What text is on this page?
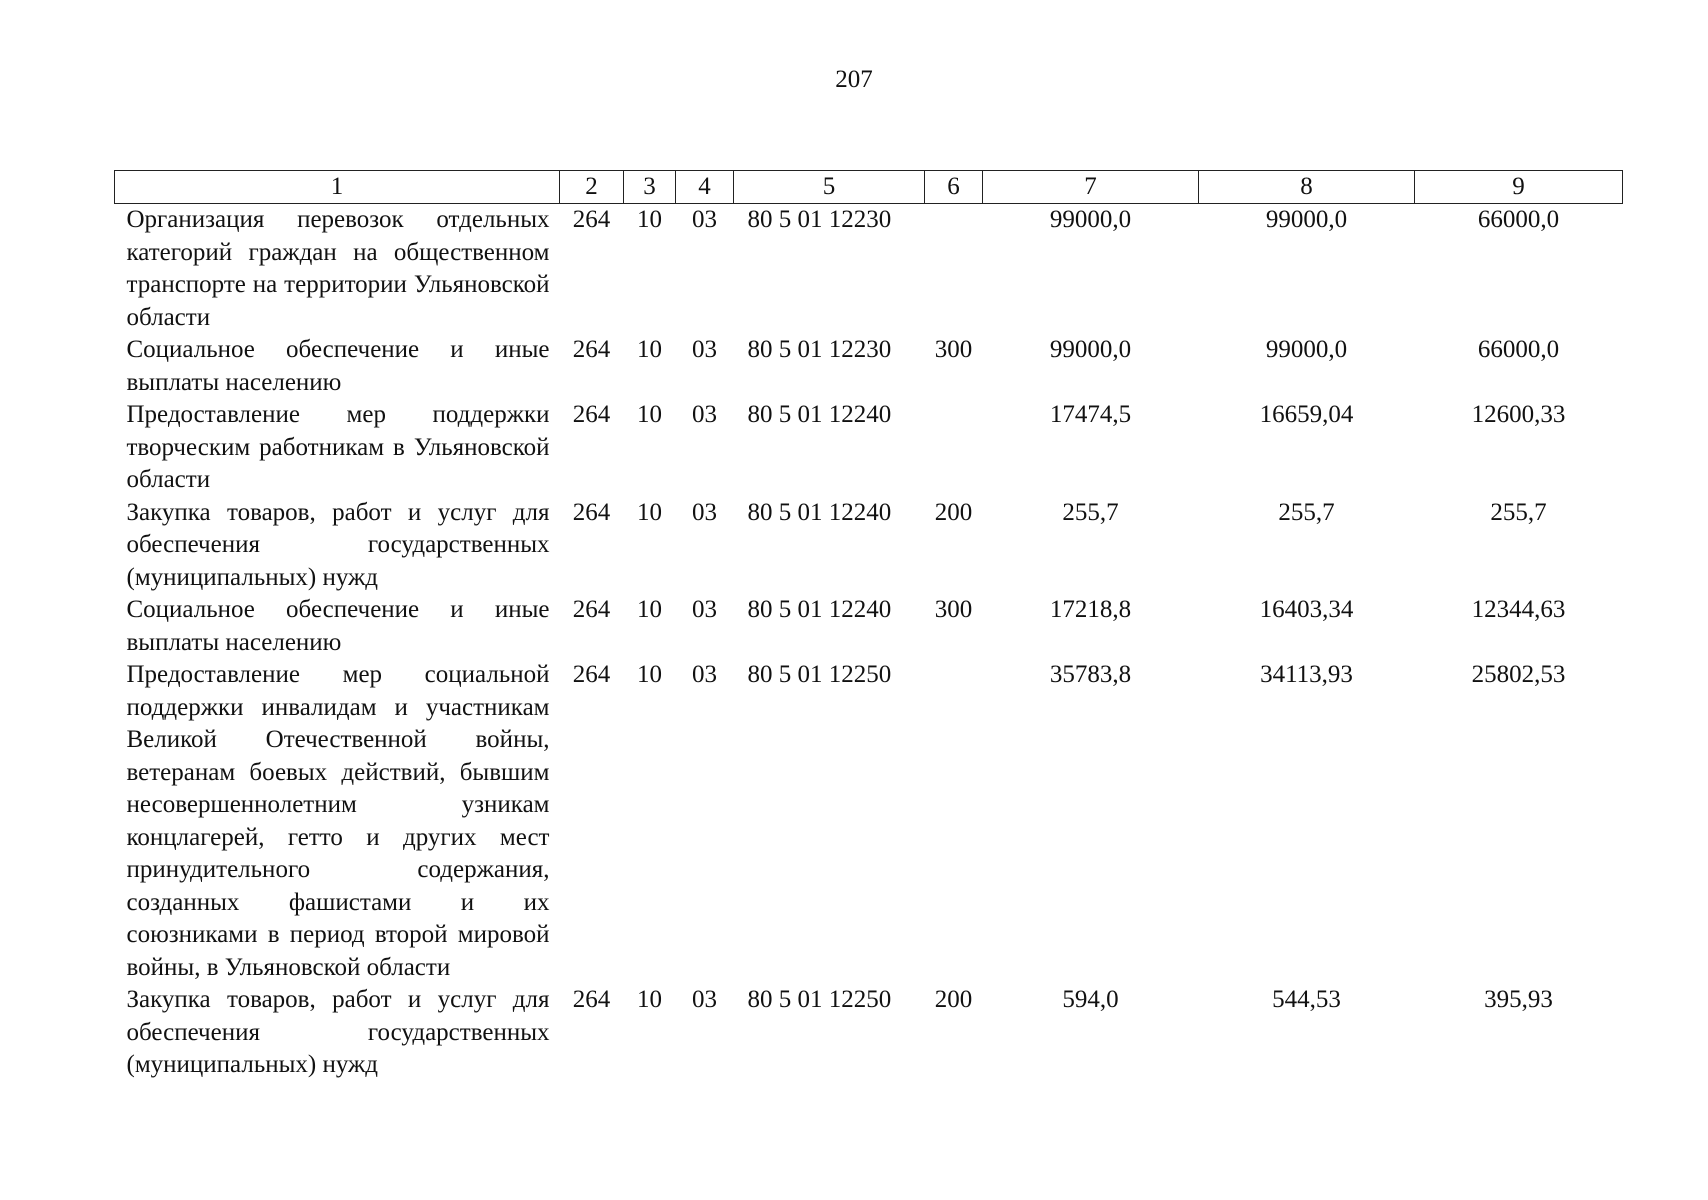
207
1	2	3	4	5	6	7	8	9
Организация перевозок отдельных категорий граждан на общественном транспорте на территории Ульяновской области	264	10	03	80 5 01 12230		99000,0	99000,0	66000,0
Социальное обеспечение и иные выплаты населению	264	10	03	80 5 01 12230	300	99000,0	99000,0	66000,0
Предоставление мер поддержки творческим работникам в Ульяновской области	264	10	03	80 5 01 12240		17474,5	16659,04	12600,33
Закупка товаров, работ и услуг для обеспечения государственных (муниципальных) нужд	264	10	03	80 5 01 12240	200	255,7	255,7	255,7
Социальное обеспечение и иные выплаты населению	264	10	03	80 5 01 12240	300	17218,8	16403,34	12344,63
Предоставление мер социальной поддержки инвалидам и участникам Великой Отечественной войны, ветеранам боевых действий, бывшим несовершеннолетним узникам концлагерей, гетто и других мест принудительного содержания, созданных фашистами и их союзниками в период второй мировой войны, в Ульяновской области	264	10	03	80 5 01 12250		35783,8	34113,93	25802,53
Закупка товаров, работ и услуг для обеспечения государственных (муниципальных) нужд	264	10	03	80 5 01 12250	200	594,0	544,53	395,93
